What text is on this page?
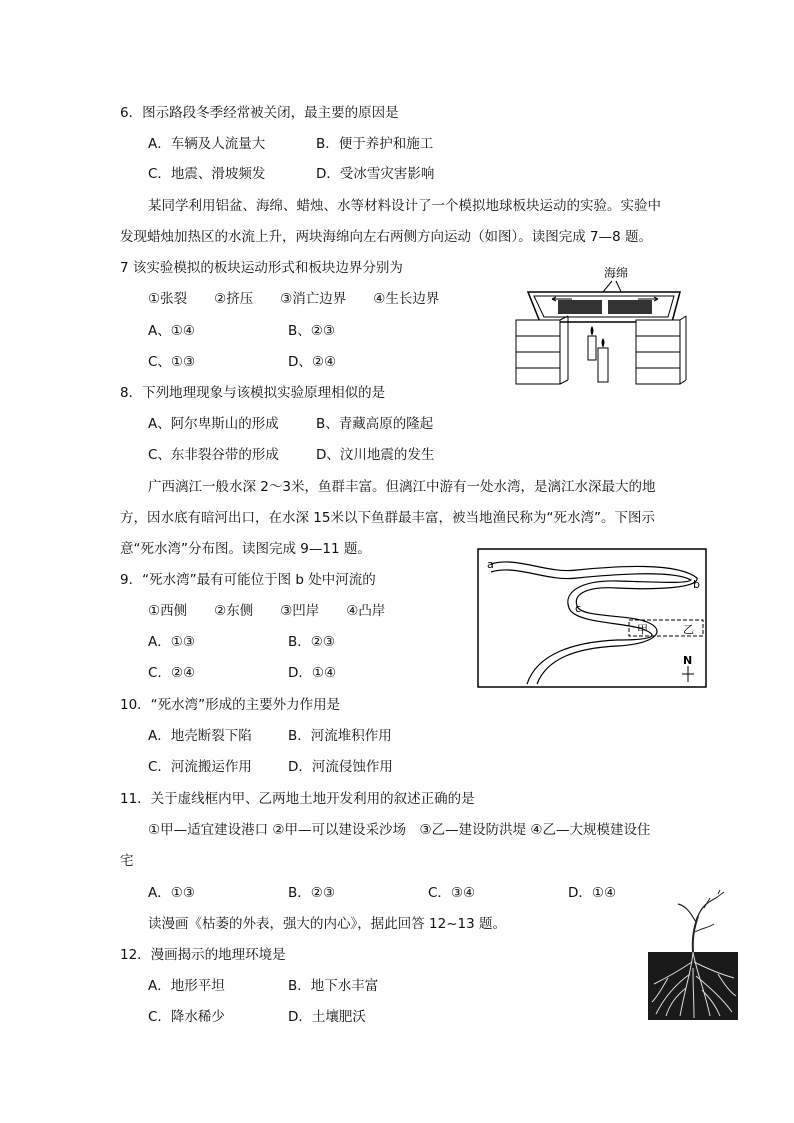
6．图示路段冬季经常被关闭，最主要的原因是
A．车辆及人流量大	B．便于养护和施工
C．地震、滑坡频发	D．受冰雪灾害影响
某同学利用铝盆、海绵、蜡烛、水等材料设计了一个模拟地球板块运动的实验。实验中
发现蜡烛加热区的水流上升，两块海绵向左右两侧方向运动（如图）。读图完成 7—8 题。
7 该实验模拟的板块运动形式和板块边界分别为
①张裂　　②挤压　　③消亡边界　　④生长边界
A、①④	B、②③
C、①③	D、②④
海绵
8．下列地理现象与该模拟实验原理相似的是
A、阿尔卑斯山的形成	B、青藏高原的隆起
C、东非裂谷带的形成	D、汶川地震的发生
广西漓江一般水深 2～3米，鱼群丰富。但漓江中游有一处水湾，是漓江水深最大的地
方，因水底有暗河出口，在水深 15米以下鱼群最丰富，被当地渔民称为“死水湾”。下图示
意“死水湾”分布图。读图完成 9—11 题。
a
b
c
甲	乙
N
9．“死水湾”最有可能位于图 b 处中河流的
①西侧　　②东侧　　③凹岸　　④凸岸
A．①③	B．②③
C．②④	D．①④
10．“死水湾”形成的主要外力作用是
A．地壳断裂下陷	B．河流堆积作用
C．河流搬运作用	D．河流侵蚀作用
11．关于虚线框内甲、乙两地土地开发利用的叙述正确的是
①甲—适宜建设港口 ②甲—可以建设采沙场　③乙—建设防洪堤 ④乙—大规模建设住
宅
A．①③	B．②③	C．③④	D．①④
读漫画《枯萎的外表，强大的内心》，据此回答 12~13 题。
12．漫画揭示的地理环境是
A．地形平坦	B．地下水丰富
C．降水稀少	D．土壤肥沃
